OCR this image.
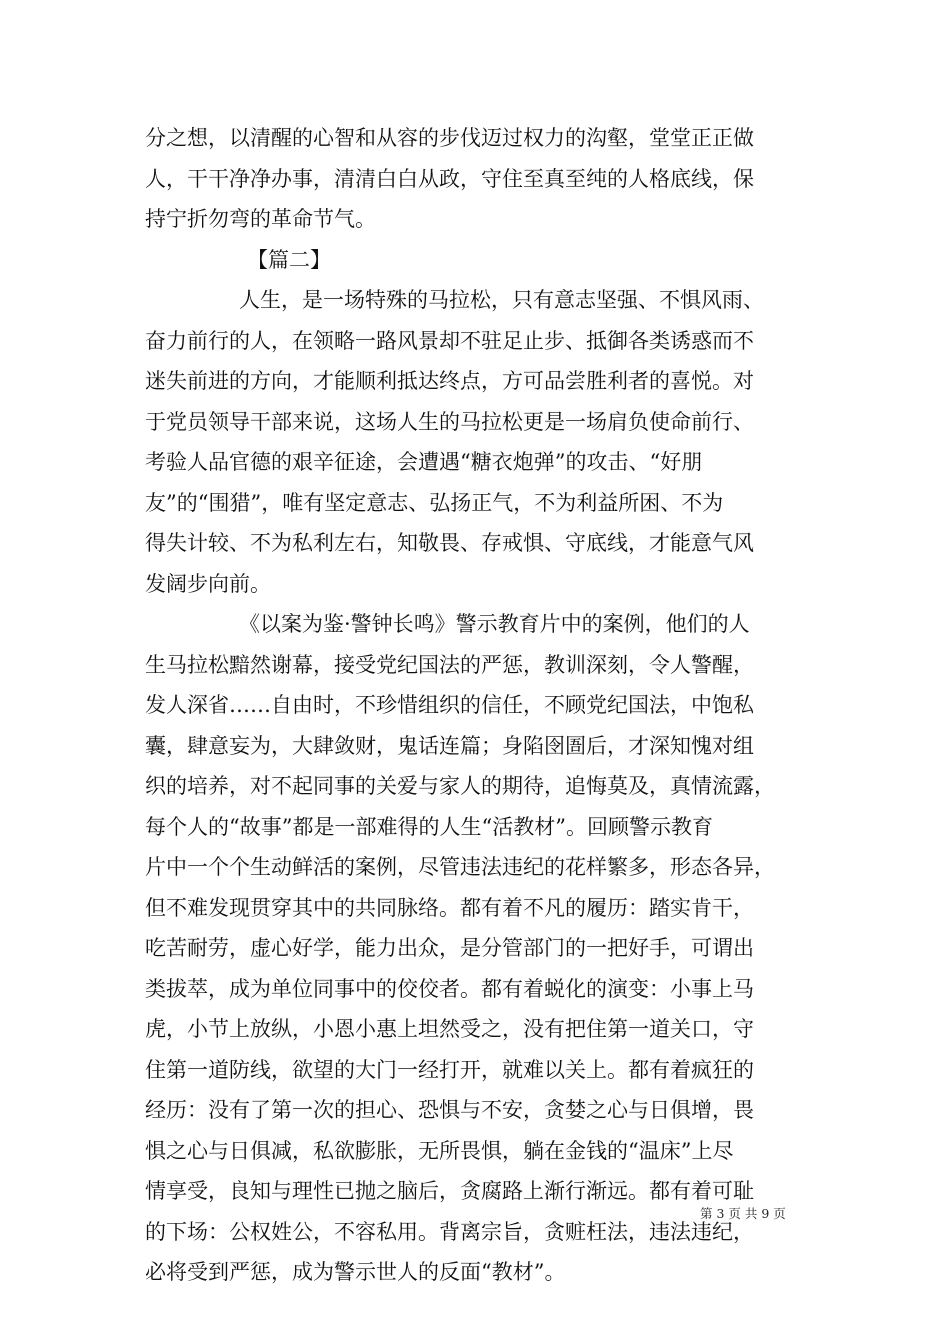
分之想，以清醒的心智和从容的步伐迈过权力的沟壑，堂堂正正做
人，干干净净办事，清清白白从政，守住至真至纯的人格底线，保
持宁折勿弯的革命节气。
【篇二】
人生，是一场特殊的马拉松，只有意志坚强、不惧风雨、
奋力前行的人，在领略一路风景却不驻足止步、抵御各类诱惑而不
迷失前进的方向，才能顺利抵达终点，方可品尝胜利者的喜悦。对
于党员领导干部来说，这场人生的马拉松更是一场肩负使命前行、
考验人品官德的艰辛征途，会遭遇“糖衣炮弹”的攻击、“好朋
友”的“围猎”，唯有坚定意志、弘扬正气，不为利益所困、不为
得失计较、不为私利左右，知敬畏、存戒惧、守底线，才能意气风
发阔步向前。
《以案为鉴·警钟长鸣》警示教育片中的案例，他们的人
生马拉松黯然谢幕，接受党纪国法的严惩，教训深刻，令人警醒，
发人深省……自由时，不珍惜组织的信任，不顾党纪国法，中饱私
囊，肆意妄为，大肆敛财，鬼话连篇；身陷囹圄后，才深知愧对组
织的培养，对不起同事的关爱与家人的期待，追悔莫及，真情流露，
每个人的“故事”都是一部难得的人生“活教材”。回顾警示教育
片中一个个生动鲜活的案例，尽管违法违纪的花样繁多，形态各异，
但不难发现贯穿其中的共同脉络。都有着不凡的履历：踏实肯干，
吃苦耐劳，虚心好学，能力出众，是分管部门的一把好手，可谓出
类拔萃，成为单位同事中的佼佼者。都有着蜕化的演变：小事上马
虎，小节上放纵，小恩小惠上坦然受之，没有把住第一道关口，守
住第一道防线，欲望的大门一经打开，就难以关上。都有着疯狂的
经历：没有了第一次的担心、恐惧与不安，贪婪之心与日俱增，畏
惧之心与日俱减，私欲膨胀，无所畏惧，躺在金钱的“温床”上尽
情享受，良知与理性已抛之脑后，贪腐路上渐行渐远。都有着可耻
的下场：公权姓公，不容私用。背离宗旨，贪赃枉法，违法违纪，
必将受到严惩，成为警示世人的反面“教材”。
第 3 页 共 9 页
